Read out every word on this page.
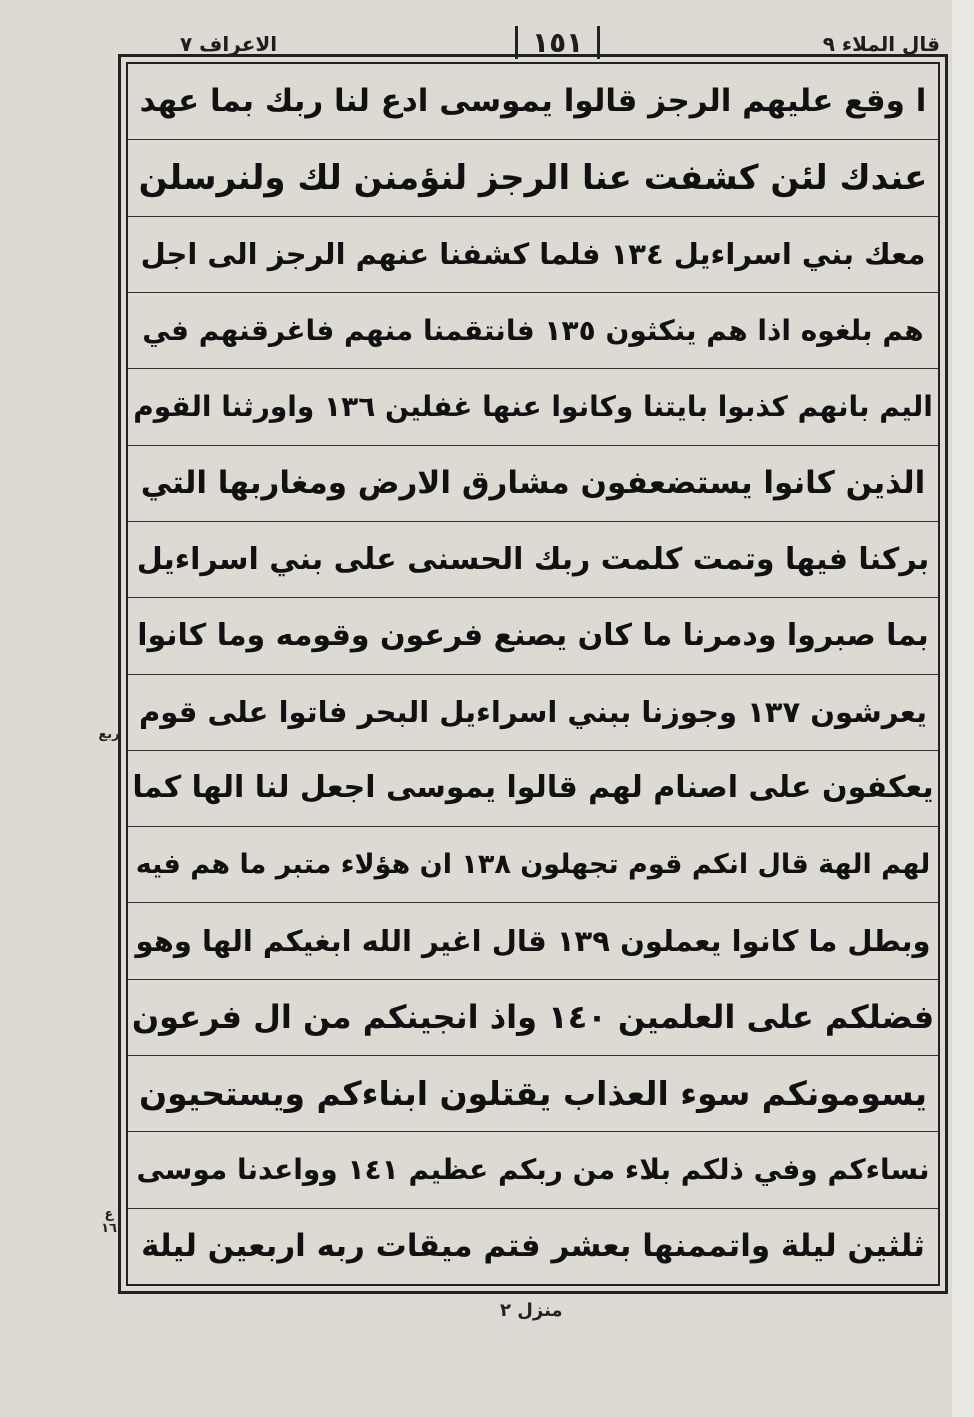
قال الملاء ٩
١٥١
الاعراف ٧
ا وقع عليهم الرجز قالوا يموسى ادع لنا ربك بما عهد
عندك لئن كشفت عنا الرجز لنؤمنن لك ولنرسلن
معك بني اسراءيل ١٣٤ فلما كشفنا عنهم الرجز الى اجل
هم بلغوه اذا هم ينكثون ١٣٥ فانتقمنا منهم فاغرقنهم في
اليم بانهم كذبوا بايتنا وكانوا عنها غفلين ١٣٦ واورثنا القوم
الذين كانوا يستضعفون مشارق الارض ومغاربها التي
بركنا فيها وتمت كلمت ربك الحسنى على بني اسراءيل
بما صبروا ودمرنا ما كان يصنع فرعون وقومه وما كانوا
يعرشون ١٣٧ وجوزنا ببني اسراءيل البحر فاتوا على قوم
يعكفون على اصنام لهم قالوا يموسى اجعل لنا الها كما
لهم الهة قال انكم قوم تجهلون ١٣٨ ان هؤلاء متبر ما هم فيه
وبطل ما كانوا يعملون ١٣٩ قال اغير الله ابغيكم الها وهو
فضلكم على العلمين ١٤٠ واذ انجينكم من ال فرعون
يسومونكم سوء العذاب يقتلون ابناءكم ويستحيون
نساءكم وفي ذلكم بلاء من ربكم عظيم ١٤١ وواعدنا موسى
ثلثين ليلة واتممنها بعشر فتم ميقات ربه اربعين ليلة
ربع
ع ١٦
منزل ٢
